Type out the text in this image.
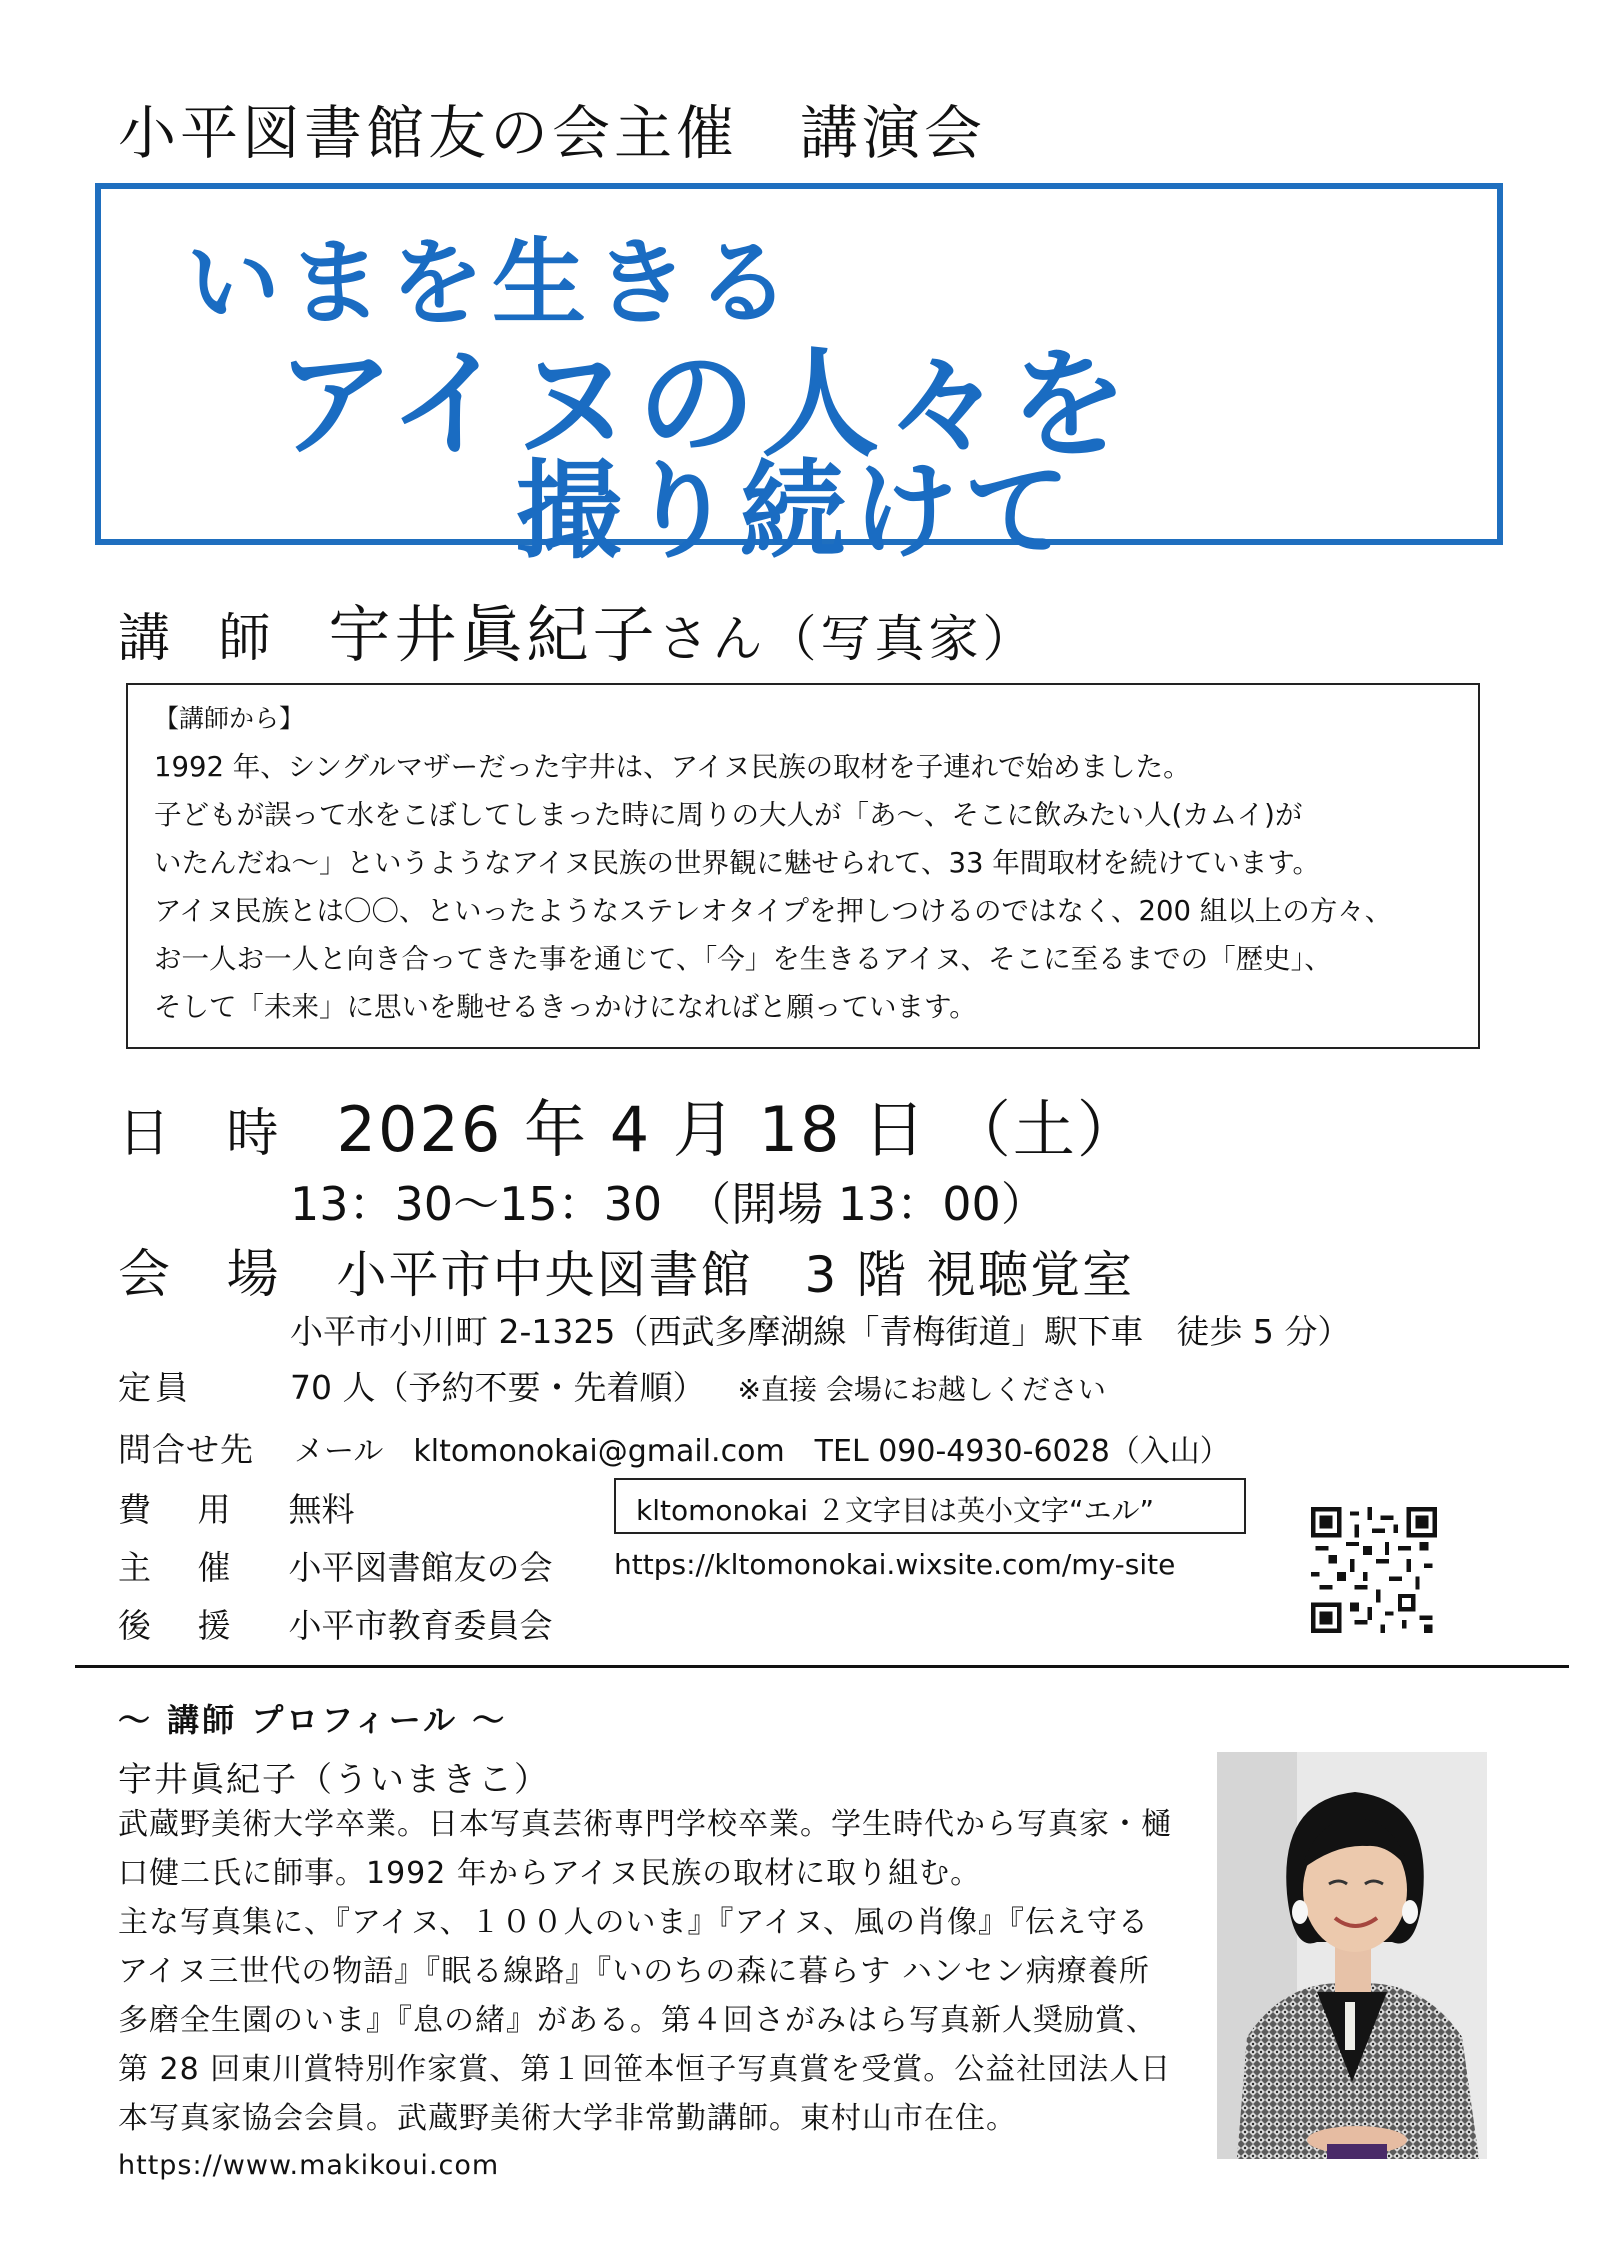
小平図書館友の会主催　講演会
いまを生きる
アイヌの人々を
撮り続けて
講 師 宇井眞紀子さん（写真家）
【講師から】
1992 年、シングルマザーだった宇井は、アイヌ民族の取材を子連れで始めました。
子どもが誤って水をこぼしてしまった時に周りの大人が「あ～、そこに飲みたい人(カムイ)が
いたんだね～」というようなアイヌ民族の世界観に魅せられて、33 年間取材を続けています。
アイヌ民族とは〇〇、といったようなステレオタイプを押しつけるのではなく、200 組以上の方々、
お一人お一人と向き合ってきた事を通じて、「今」を生きるアイヌ、そこに至るまでの「歴史」、
そして「未来」に思いを馳せるきっかけになればと願っています。
日 時 2026 年 4 月 18 日 （土）
13：30～15：30　（開場 13：00）
会 場 小平市中央図書館　3 階 視聴覚室
小平市小川町 2-1325（西武多摩湖線「青梅街道」駅下車　徒歩 5 分）
定員	70 人（予約不要・先着順） ※直接 会場にお越しください
問合せ先 メール　kltomonokai@gmail.com　TEL 090-4930-6028（入山）
費 用 無料
主 催 小平図書館友の会
後 援 小平市教育委員会
kltomonokai ２文字目は英小文字“エル”
https://kltomonokai.wixsite.com/my-site
～ 講師 プロフィール ～
宇井眞紀子（ういまきこ）
武蔵野美術大学卒業。日本写真芸術専門学校卒業。学生時代から写真家・樋
口健二氏に師事。1992 年からアイヌ民族の取材に取り組む。
主な写真集に、『アイヌ、１００人のいま』『アイヌ、風の肖像』『伝え守る
アイヌ三世代の物語』『眠る線路』『いのちの森に暮らす ハンセン病療養所
多磨全生園のいま』『息の緒』がある。第４回さがみはら写真新人奨励賞、
第 28 回東川賞特別作家賞、第１回笹本恒子写真賞を受賞。公益社団法人日
本写真家協会会員。武蔵野美術大学非常勤講師。東村山市在住。
https://www.makikoui.com
